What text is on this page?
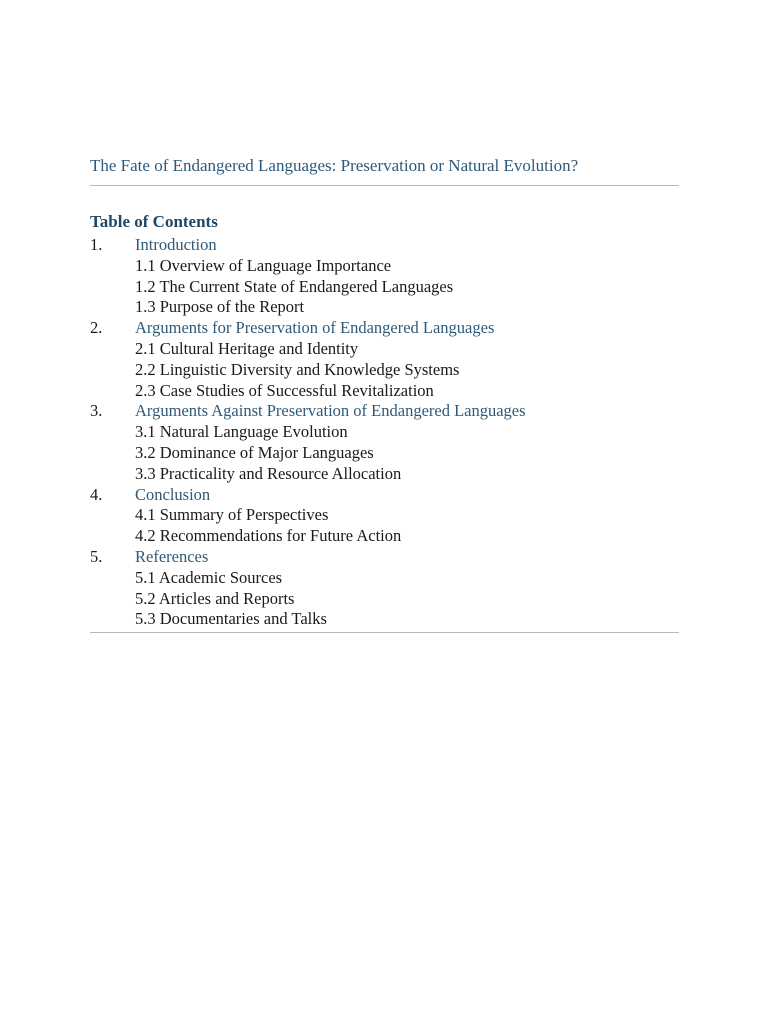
The Fate of Endangered Languages: Preservation or Natural Evolution?
Table of Contents
1.	Introduction
1.1 Overview of Language Importance
1.2 The Current State of Endangered Languages
1.3 Purpose of the Report
2.	Arguments for Preservation of Endangered Languages
2.1 Cultural Heritage and Identity
2.2 Linguistic Diversity and Knowledge Systems
2.3 Case Studies of Successful Revitalization
3.	Arguments Against Preservation of Endangered Languages
3.1 Natural Language Evolution
3.2 Dominance of Major Languages
3.3 Practicality and Resource Allocation
4.	Conclusion
4.1 Summary of Perspectives
4.2 Recommendations for Future Action
5.	References
5.1 Academic Sources
5.2 Articles and Reports
5.3 Documentaries and Talks
